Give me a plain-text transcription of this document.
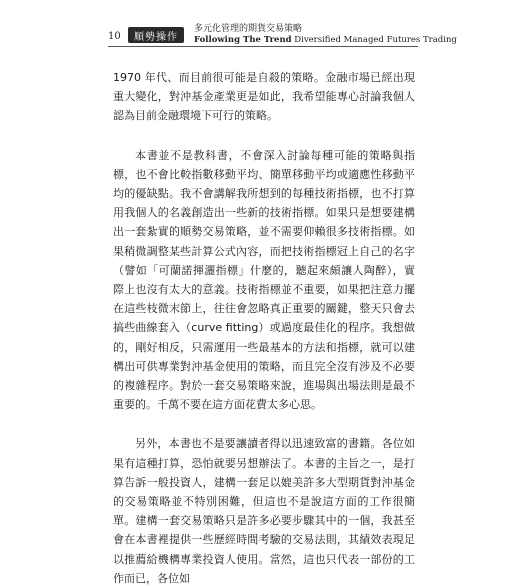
10 順勢操作
多元化管理的期貨交易策略
Following The Trend Diversified Managed Futures Trading

1970 年代、而目前很可能是自殺的策略。金融市場已經出現重大變化，對沖基金產業更是如此，我希望能專心討論我個人認為目前金融環境下可行的策略。

本書並不是教科書，不會深入討論每種可能的策略與指標，也不會比較指數移動平均、簡單移動平均或適應性移動平均的優缺點。我不會講解我所想到的每種技術指標，也不打算用我個人的名義創造出一些新的技術指標。如果只是想要建構出一套紮實的順勢交易策略，並不需要仰賴很多技術指標。如果稍微調整某些計算公式內容，而把技術指標冠上自己的名字（譬如「可蘭諾揮灑指標」什麼的，聽起來頗讓人陶醉），實際上也沒有太大的意義。技術指標並不重要，如果把注意力擺在這些枝微末節上，往往會忽略真正重要的關鍵，整天只會去搞些曲線套入（curve fitting）或過度最佳化的程序。我想做的，剛好相反，只需運用一些最基本的方法和指標，就可以建構出可供專業對沖基金使用的策略，而且完全沒有涉及不必要的複雜程序。對於一套交易策略來說，進場與出場法則是最不重要的。千萬不要在這方面花費太多心思。

另外，本書也不是要讓讀者得以迅速致富的書籍。各位如果有這種打算，恐怕就要另想辦法了。本書的主旨之一，是打算告訴一般投資人，建構一套足以媲美許多大型期貨對沖基金的交易策略並不特別困難，但這也不是說這方面的工作很簡單。建構一套交易策略只是許多必要步驟其中的一個，我甚至會在本書裡提供一些歷經時間考驗的交易法則，其績效表現足以推薦給機構專業投資人使用。當然，這也只代表一部份的工作而已，各位如
